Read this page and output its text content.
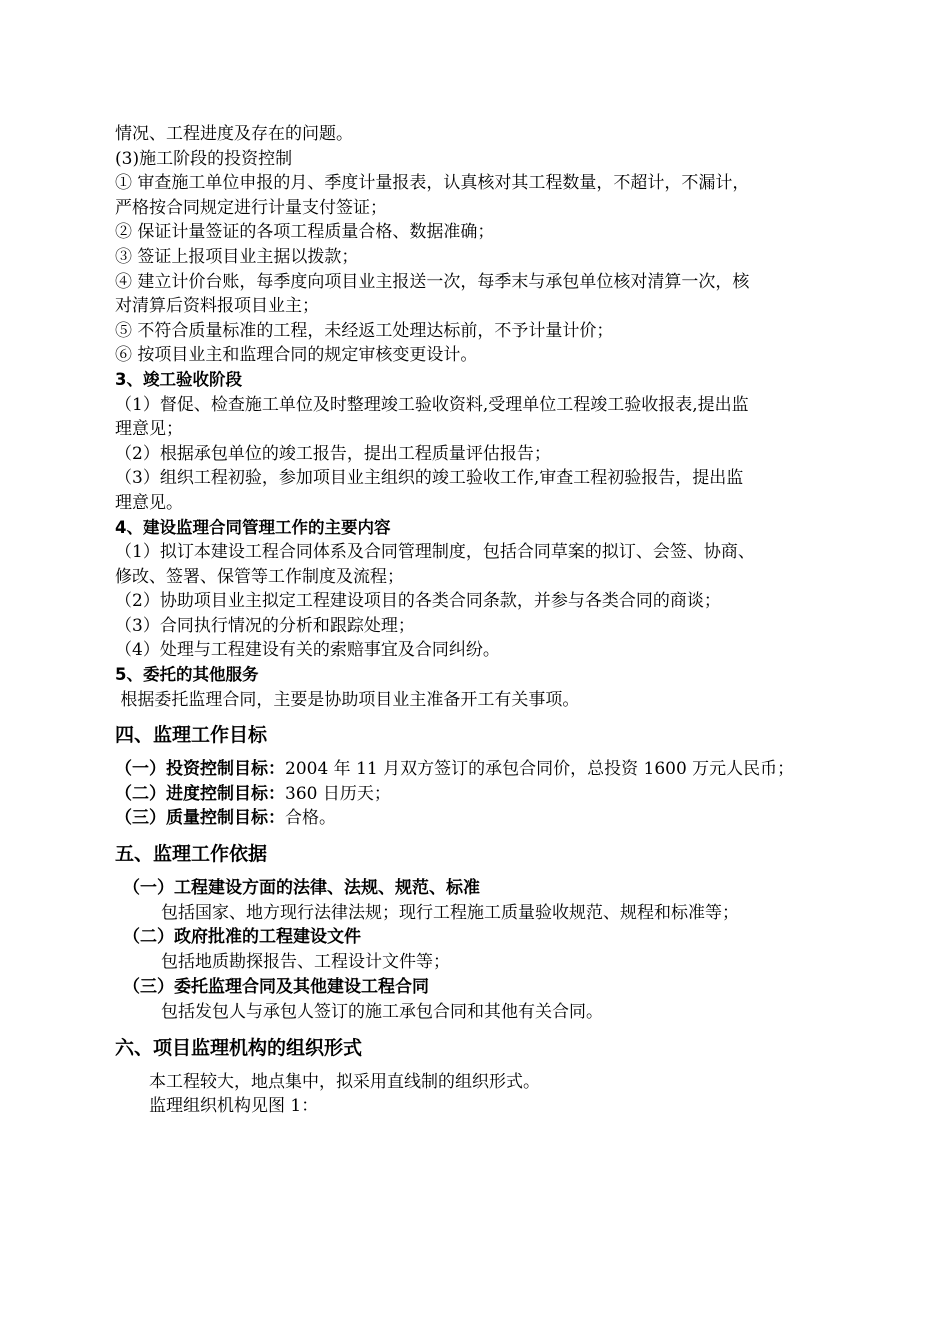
情况、工程进度及存在的问题。
(3)施工阶段的投资控制
① 审查施工单位申报的月、季度计量报表，认真核对其工程数量，不超计，不漏计，
严格按合同规定进行计量支付签证；
② 保证计量签证的各项工程质量合格、数据准确；
③ 签证上报项目业主据以拨款；
④ 建立计价台账，每季度向项目业主报送一次，每季末与承包单位核对清算一次，核
对清算后资料报项目业主；
⑤ 不符合质量标准的工程，未经返工处理达标前，不予计量计价；
⑥ 按项目业主和监理合同的规定审核变更设计。
3、竣工验收阶段
（1）督促、检查施工单位及时整理竣工验收资料,受理单位工程竣工验收报表,提出监
理意见；
（2）根据承包单位的竣工报告，提出工程质量评估报告；
（3）组织工程初验，参加项目业主组织的竣工验收工作,审查工程初验报告，提出监
理意见。
4、建设监理合同管理工作的主要内容
（1）拟订本建设工程合同体系及合同管理制度，包括合同草案的拟订、会签、协商、
修改、签署、保管等工作制度及流程；
（2）协助项目业主拟定工程建设项目的各类合同条款，并参与各类合同的商谈；
（3）合同执行情况的分析和跟踪处理；
（4）处理与工程建设有关的索赔事宜及合同纠纷。
5、委托的其他服务
根据委托监理合同，主要是协助项目业主准备开工有关事项。
四、监理工作目标
（一）投资控制目标：2004 年 11 月双方签订的承包合同价，总投资 1600 万元人民币；
（二）进度控制目标：360 日历天；
（三）质量控制目标：合格。
五、监理工作依据
（一）工程建设方面的法律、法规、规范、标准
包括国家、地方现行法律法规；现行工程施工质量验收规范、规程和标准等；
（二）政府批准的工程建设文件
包括地质勘探报告、工程设计文件等；
（三）委托监理合同及其他建设工程合同
包括发包人与承包人签订的施工承包合同和其他有关合同。
六、项目监理机构的组织形式
本工程较大，地点集中，拟采用直线制的组织形式。
监理组织机构见图 1：
